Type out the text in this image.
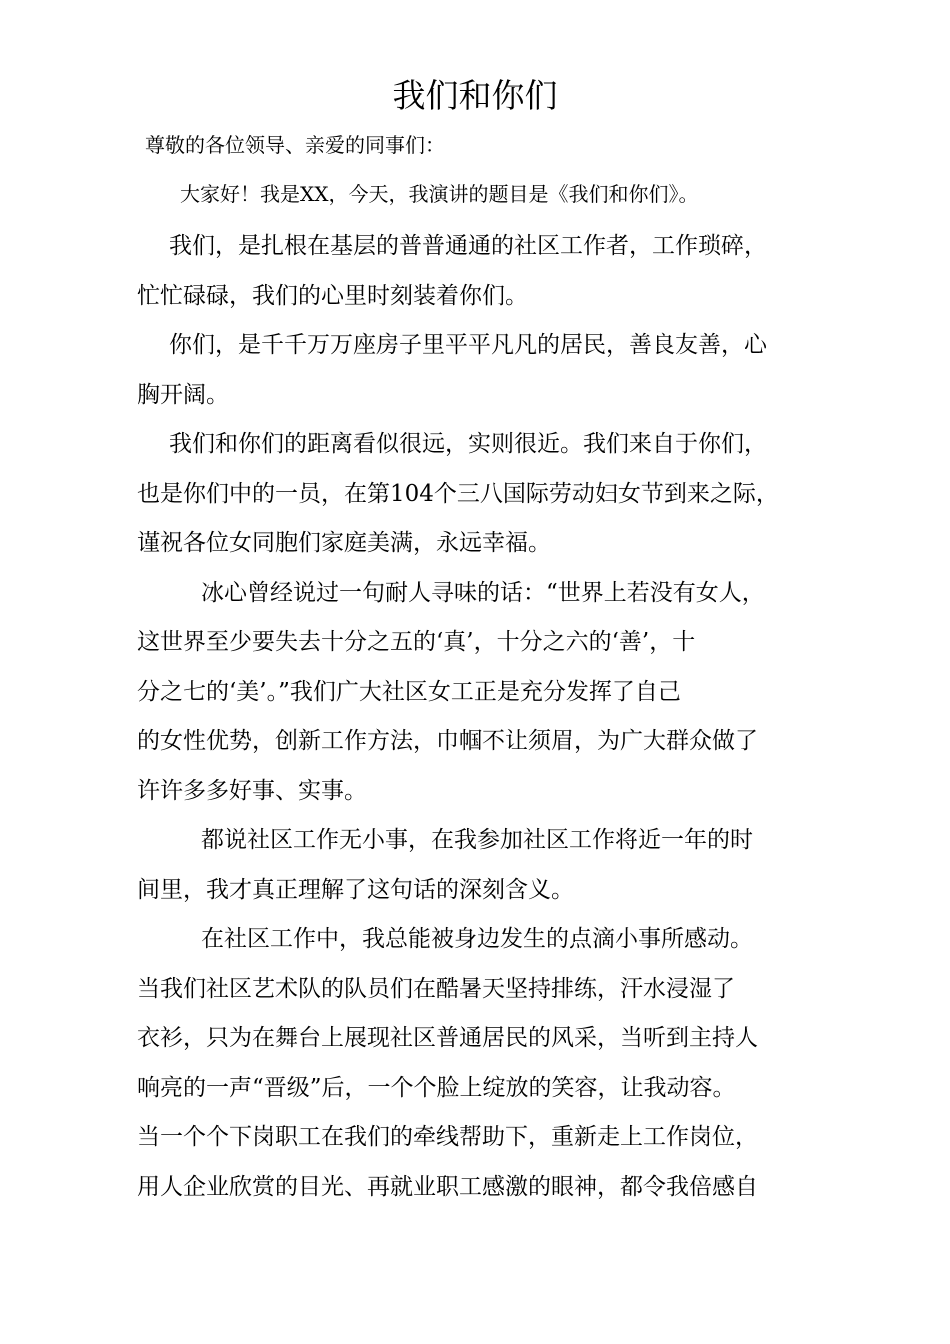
我们和你们

尊敬的各位领导、亲爱的同事们：

大家好！我是XX，今天，我演讲的题目是《我们和你们》。

我们，是扎根在基层的普普通通的社区工作者，工作琐碎，
忙忙碌碌，我们的心里时刻装着你们。
你们，是千千万万座房子里平平凡凡的居民，善良友善，心
胸开阔。
我们和你们的距离看似很远，实则很近。我们来自于你们，
也是你们中的一员，在第104个三八国际劳动妇女节到来之际，
谨祝各位女同胞们家庭美满，永远幸福。
冰心曾经说过一句耐人寻味的话：“世界上若没有女人，
这世界至少要失去十分之五的‘真’，十分之六的‘善’，十
分之七的‘美’。”我们广大社区女工正是充分发挥了自己
的女性优势，创新工作方法，巾帼不让须眉，为广大群众做了
许许多多好事、实事。
都说社区工作无小事，在我参加社区工作将近一年的时
间里，我才真正理解了这句话的深刻含义。
在社区工作中，我总能被身边发生的点滴小事所感动。
当我们社区艺术队的队员们在酷暑天坚持排练，汗水浸湿了
衣衫，只为在舞台上展现社区普通居民的风采，当听到主持人
响亮的一声“晋级”后，一个个脸上绽放的笑容，让我动容。
当一个个下岗职工在我们的牵线帮助下，重新走上工作岗位，
用人企业欣赏的目光、再就业职工感激的眼神，都令我倍感自
